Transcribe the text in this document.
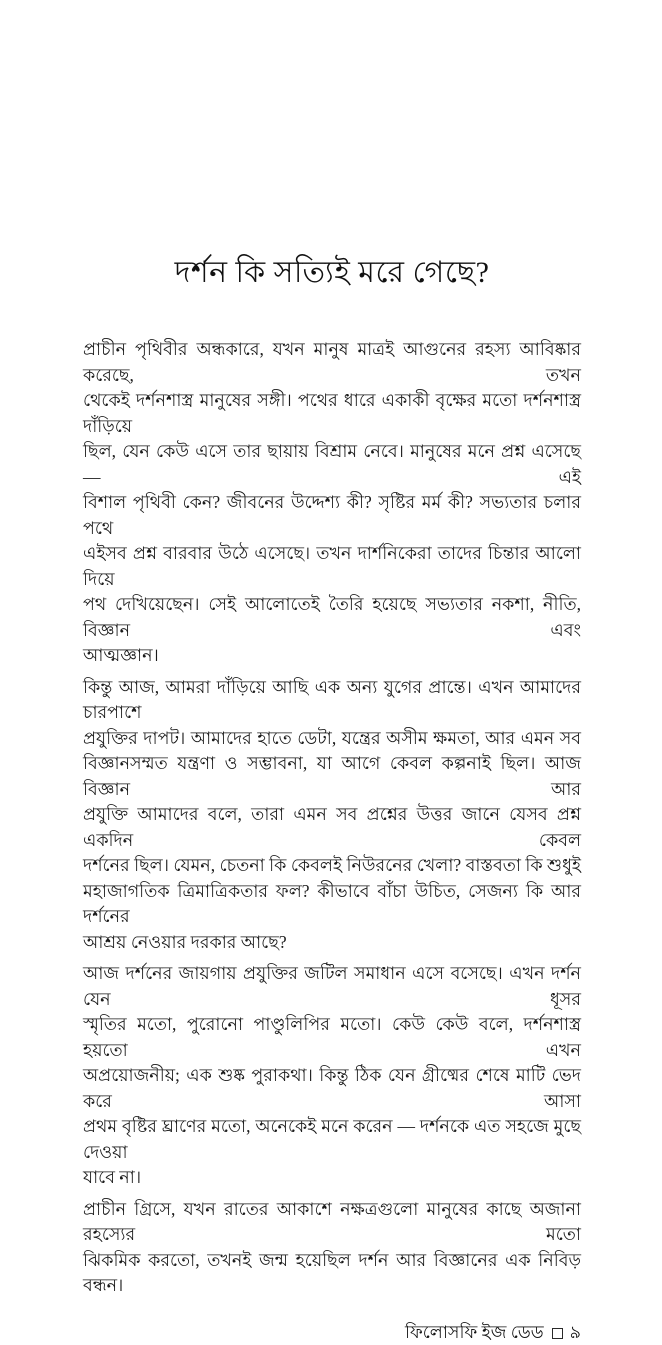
দর্শন কি সত্যিই মরে গেছে?
প্রাচীন পৃথিবীর অন্ধকারে, যখন মানুষ মাত্রই আগুনের রহস্য আবিষ্কার করেছে, তখন
থেকেই দর্শনশাস্ত্র মানুষের সঙ্গী। পথের ধারে একাকী বৃক্ষের মতো দর্শনশাস্ত্র দাঁড়িয়ে
ছিল, যেন কেউ এসে তার ছায়ায় বিশ্রাম নেবে। মানুষের মনে প্রশ্ন এসেছে — এই
বিশাল পৃথিবী কেন? জীবনের উদ্দেশ্য কী? সৃষ্টির মর্ম কী? সভ্যতার চলার পথে
এইসব প্রশ্ন বারবার উঠে এসেছে। তখন দার্শনিকেরা তাদের চিন্তার আলো দিয়ে
পথ দেখিয়েছেন। সেই আলোতেই তৈরি হয়েছে সভ্যতার নকশা, নীতি, বিজ্ঞান এবং
আত্মজ্ঞান।
কিন্তু আজ, আমরা দাঁড়িয়ে আছি এক অন্য যুগের প্রান্তে। এখন আমাদের চারপাশে
প্রযুক্তির দাপট। আমাদের হাতে ডেটা, যন্ত্রের অসীম ক্ষমতা, আর এমন সব
বিজ্ঞানসম্মত যন্ত্রণা ও সম্ভাবনা, যা আগে কেবল কল্পনাই ছিল। আজ বিজ্ঞান আর
প্রযুক্তি আমাদের বলে, তারা এমন সব প্রশ্নের উত্তর জানে যেসব প্রশ্ন একদিন কেবল
দর্শনের ছিল। যেমন, চেতনা কি কেবলই নিউরনের খেলা? বাস্তবতা কি শুধুই
মহাজাগতিক ত্রিমাত্রিকতার ফল? কীভাবে বাঁচা উচিত, সেজন্য কি আর দর্শনের
আশ্রয় নেওয়ার দরকার আছে?
আজ দর্শনের জায়গায় প্রযুক্তির জটিল সমাধান এসে বসেছে। এখন দর্শন যেন ধূসর
স্মৃতির মতো, পুরোনো পাণ্ডুলিপির মতো। কেউ কেউ বলে, দর্শনশাস্ত্র হয়তো এখন
অপ্রয়োজনীয়; এক শুষ্ক পুরাকথা। কিন্তু ঠিক যেন গ্রীষ্মের শেষে মাটি ভেদ করে আসা
প্রথম বৃষ্টির ঘ্রাণের মতো, অনেকেই মনে করেন — দর্শনকে এত সহজে মুছে দেওয়া
যাবে না।
প্রাচীন গ্রিসে, যখন রাতের আকাশে নক্ষত্রগুলো মানুষের কাছে অজানা রহস্যের মতো
ঝিকমিক করতো, তখনই জন্ম হয়েছিল দর্শন আর বিজ্ঞানের এক নিবিড় বন্ধন।
ফিলোসফি ইজ ডেড ৯
